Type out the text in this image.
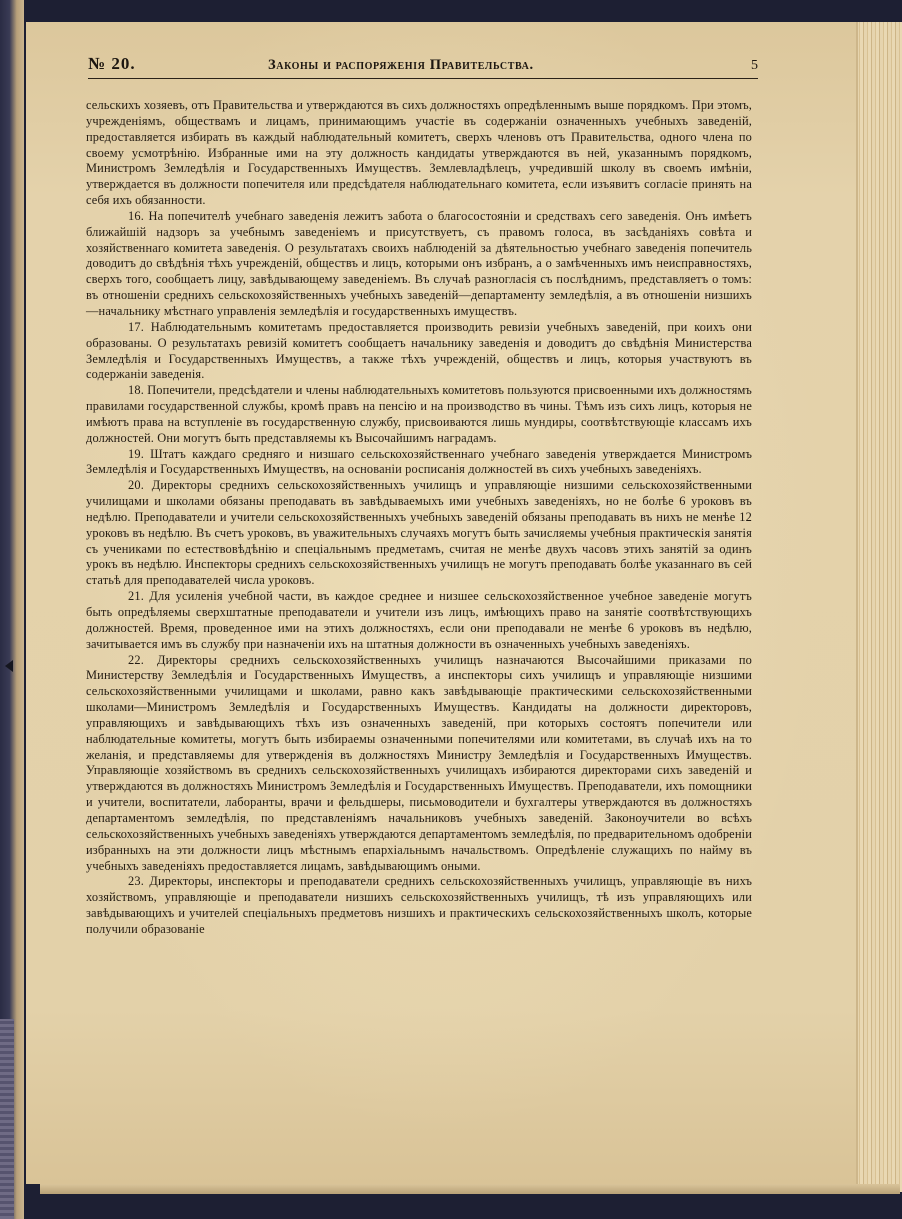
№ 20.	Законы и распоряженія Правительства.	5

сельскихъ хозяевъ, отъ Правительства и утверждаются въ сихъ должностяхъ опредѣленнымъ выше порядкомъ. При этомъ, учрежденіямъ, обществамъ и лицамъ, принимающимъ участіе въ содержаніи означенныхъ учебныхъ заведеній, предоставляется избирать въ каждый наблюдательный комитетъ, сверхъ членовъ отъ Правительства, одного члена по своему усмотрѣнію. Избранные ими на эту должность кандидаты утверждаются въ ней, указаннымъ порядкомъ, Министромъ Земледѣлія и Государственныхъ Имуществъ. Землевладѣлецъ, учредившій школу въ своемъ имѣніи, утверждается въ должности попечителя или предсѣдателя наблюдательнаго комитета, если изъявитъ согласіе принять на себя ихъ обязанности.

16. На попечителѣ учебнаго заведенія лежитъ забота о благосостояніи и средствахъ сего заведенія. Онъ имѣетъ ближайшій надзоръ за учебнымъ заведеніемъ и присутствуетъ, съ правомъ голоса, въ засѣданіяхъ совѣта и хозяйственнаго комитета заведенія. О результатахъ своихъ наблюденій за дѣятельностью учебнаго заведенія попечитель доводитъ до свѣдѣнія тѣхъ учрежденій, обществъ и лицъ, которыми онъ избранъ, а о замѣченныхъ имъ неисправностяхъ, сверхъ того, сообщаетъ лицу, завѣдывающему заведеніемъ. Въ случаѣ разногласія съ послѣднимъ, представляетъ о томъ: въ отношеніи среднихъ сельскохозяйственныхъ учебныхъ заведеній—департаменту земледѣлія, а въ отношеніи низшихъ—начальнику мѣстнаго управленія земледѣлія и государственныхъ имуществъ.

17. Наблюдательнымъ комитетамъ предоставляется производить ревизіи учебныхъ заведеній, при коихъ они образованы. О результатахъ ревизій комитетъ сообщаетъ начальнику заведенія и доводитъ до свѣдѣнія Министерства Земледѣлія и Государственныхъ Имуществъ, а также тѣхъ учрежденій, обществъ и лицъ, которыя участвуютъ въ содержаніи заведенія.

18. Попечители, предсѣдатели и члены наблюдательныхъ комитетовъ пользуются присвоенными ихъ должностямъ правилами государственной службы, кромѣ правъ на пенсію и на производство въ чины. Тѣмъ изъ сихъ лицъ, которыя не имѣютъ права на вступленіе въ государственную службу, присвоиваются лишь мундиры, соотвѣтствующіе классамъ ихъ должностей. Они могутъ быть представляемы къ Высочайшимъ наградамъ.

19. Штатъ каждаго средняго и низшаго сельскохозяйственнаго учебнаго заведенія утверждается Министромъ Земледѣлія и Государственныхъ Имуществъ, на основаніи росписанія должностей въ сихъ учебныхъ заведеніяхъ.

20. Директоры среднихъ сельскохозяйственныхъ училищъ и управляющіе низшими сельскохозяйственными училищами и школами обязаны преподавать въ завѣдываемыхъ ими учебныхъ заведеніяхъ, но не болѣе 6 уроковъ въ недѣлю. Преподаватели и учители сельскохозяйственныхъ учебныхъ заведеній обязаны преподавать въ нихъ не менѣе 12 уроковъ въ недѣлю. Въ счетъ уроковъ, въ уважительныхъ случаяхъ могутъ быть зачисляемы учебныя практическія занятія съ учениками по естествовѣдѣнію и спеціальнымъ предметамъ, считая не менѣе двухъ часовъ этихъ занятій за одинъ урокъ въ недѣлю. Инспекторы среднихъ сельскохозяйственныхъ училищъ не могутъ преподавать болѣе указаннаго въ сей статьѣ для преподавателей числа уроковъ.

21. Для усиленія учебной части, въ каждое среднее и низшее сельскохозяйственное учебное заведеніе могутъ быть опредѣляемы сверхштатные преподаватели и учители изъ лицъ, имѣющихъ право на занятіе соотвѣтствующихъ должностей. Время, проведенное ими на этихъ должностяхъ, если они преподавали не менѣе 6 уроковъ въ недѣлю, зачитывается имъ въ службу при назначеніи ихъ на штатныя должности въ означенныхъ учебныхъ заведеніяхъ.

22. Директоры среднихъ сельскохозяйственныхъ училищъ назначаются Высочайшими приказами по Министерству Земледѣлія и Государственныхъ Имуществъ, а инспекторы сихъ училищъ и управляющіе низшими сельскохозяйственными училищами и школами, равно какъ завѣдывающіе практическими сельскохозяйственными школами—Министромъ Земледѣлія и Государственныхъ Имуществъ. Кандидаты на должности директоровъ, управляющихъ и завѣдывающихъ тѣхъ изъ означенныхъ заведеній, при которыхъ состоятъ попечители или наблюдательные комитеты, могутъ быть избираемы означенными попечителями или комитетами, въ случаѣ ихъ на то желанія, и представляемы для утвержденія въ должностяхъ Министру Земледѣлія и Государственныхъ Имуществъ. Управляющіе хозяйствомъ въ среднихъ сельскохозяйственныхъ училищахъ избираются директорами сихъ заведеній и утверждаются въ должностяхъ Министромъ Земледѣлія и Государственныхъ Имуществъ. Преподаватели, ихъ помощники и учители, воспитатели, лаборанты, врачи и фельдшеры, письмоводители и бухгалтеры утверждаются въ должностяхъ департаментомъ земледѣлія, по представленіямъ начальниковъ учебныхъ заведеній. Законоучители во всѣхъ сельскохозяйственныхъ учебныхъ заведеніяхъ утверждаются департаментомъ земледѣлія, по предварительномъ одобреніи избранныхъ на эти должности лицъ мѣстнымъ епархіальнымъ начальствомъ. Опредѣленіе служащихъ по найму въ учебныхъ заведеніяхъ предоставляется лицамъ, завѣдывающимъ оными.

23. Директоры, инспекторы и преподаватели среднихъ сельскохозяйственныхъ училищъ, управляющіе въ нихъ хозяйствомъ, управляющіе и преподаватели низшихъ сельскохозяйственныхъ училищъ, тѣ изъ управляющихъ или завѣдывающихъ и учителей спеціальныхъ предметовъ низшихъ и практическихъ сельскохозяйственныхъ школъ, которые получили образованіе
